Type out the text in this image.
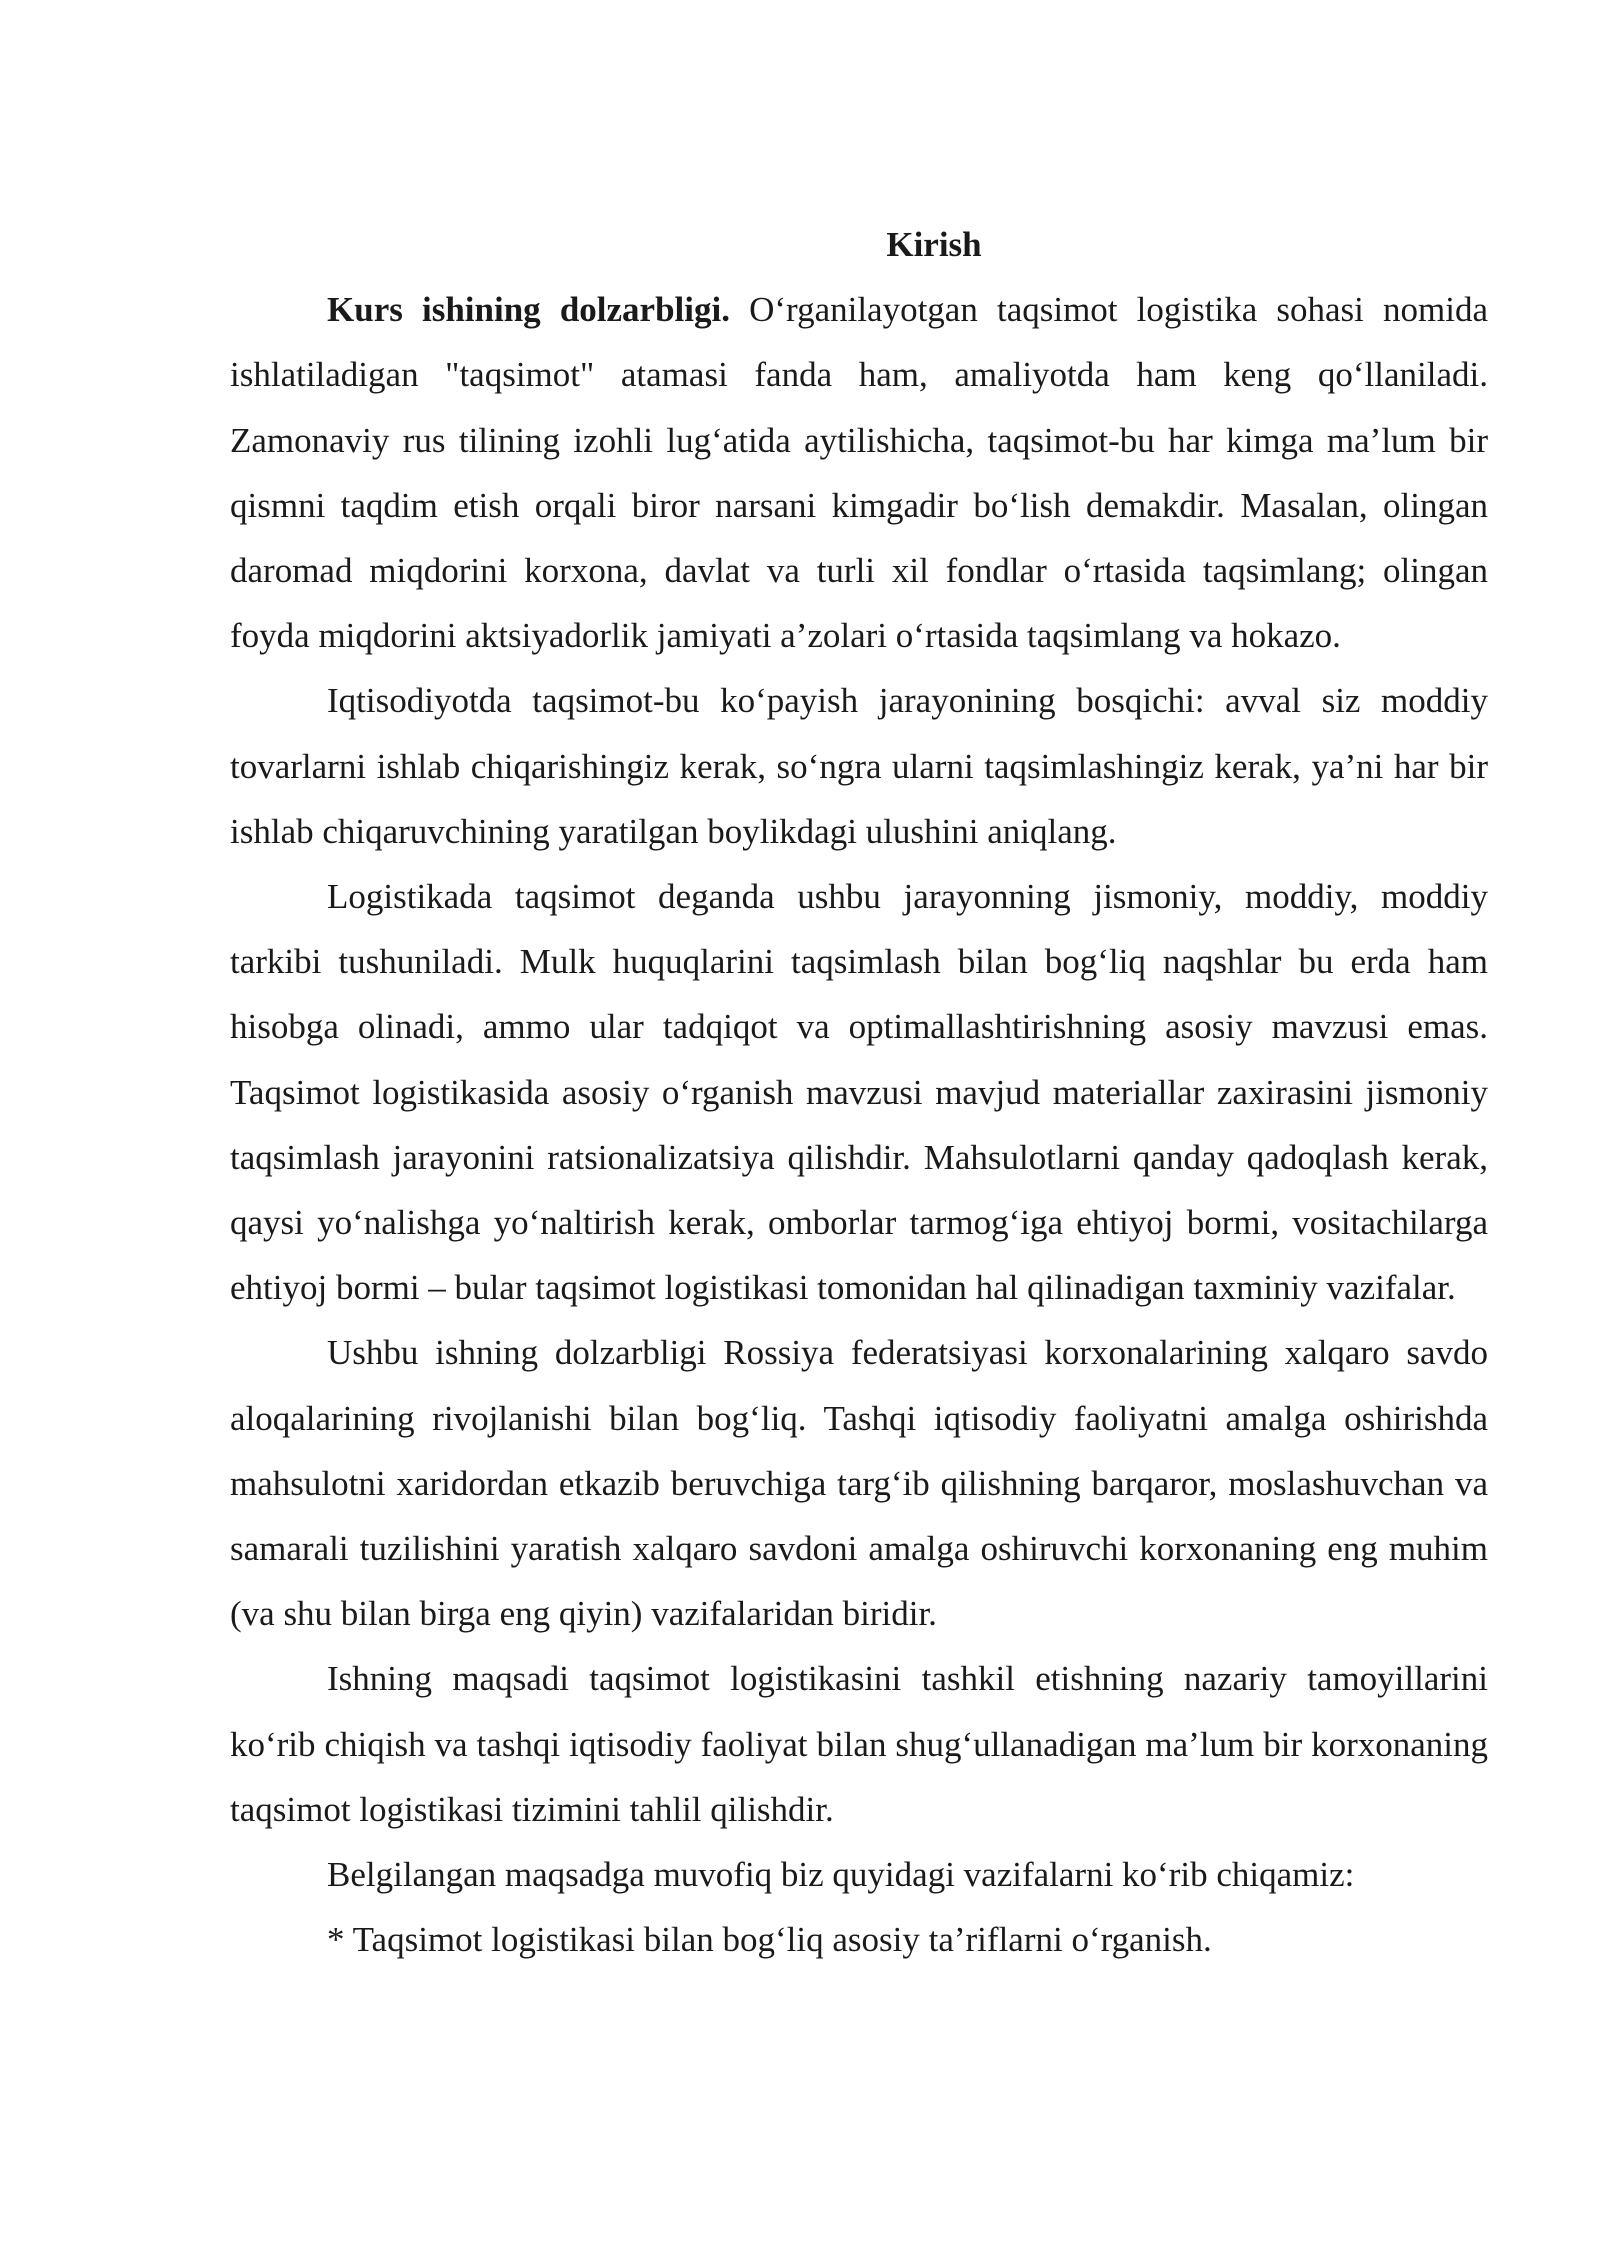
Kirish

Kurs ishining dolzarbligi. O‘rganilayotgan taqsimot logistika sohasi nomida ishlatiladigan "taqsimot" atamasi fanda ham, amaliyotda ham keng qo‘llaniladi. Zamonaviy rus tilining izohli lug‘atida aytilishicha, taqsimot-bu har kimga ma’lum bir qismni taqdim etish orqali biror narsani kimgadir bo‘lish demakdir. Masalan, olingan daromad miqdorini korxona, davlat va turli xil fondlar o‘rtasida taqsimlang; olingan foyda miqdorini aktsiyadorlik jamiyati a’zolari o‘rtasida taqsimlang va hokazo.

Iqtisodiyotda taqsimot-bu ko‘payish jarayonining bosqichi: avval siz moddiy tovarlarni ishlab chiqarishingiz kerak, so‘ngra ularni taqsimlashingiz kerak, ya’ni har bir ishlab chiqaruvchining yaratilgan boylikdagi ulushini aniqlang.

Logistikada taqsimot deganda ushbu jarayonning jismoniy, moddiy, moddiy tarkibi tushuniladi. Mulk huquqlarini taqsimlash bilan bog‘liq naqshlar bu erda ham hisobga olinadi, ammo ular tadqiqot va optimallashtirishning asosiy mavzusi emas. Taqsimot logistikasida asosiy o‘rganish mavzusi mavjud materiallar zaxirasini jismoniy taqsimlash jarayonini ratsionalizatsiya qilishdir. Mahsulotlarni qanday qadoqlash kerak, qaysi yo‘nalishga yo‘naltirish kerak, omborlar tarmog‘iga ehtiyoj bormi, vositachilarga ehtiyoj bormi – bular taqsimot logistikasi tomonidan hal qilinadigan taxminiy vazifalar.

Ushbu ishning dolzarbligi Rossiya federatsiyasi korxonalarining xalqaro savdo aloqalarining rivojlanishi bilan bog‘liq. Tashqi iqtisodiy faoliyatni amalga oshirishda mahsulotni xaridordan etkazib beruvchiga targ‘ib qilishning barqaror, moslashuvchan va samarali tuzilishini yaratish xalqaro savdoni amalga oshiruvchi korxonaning eng muhim (va shu bilan birga eng qiyin) vazifalaridan biridir.

Ishning maqsadi taqsimot logistikasini tashkil etishning nazariy tamoyillarini ko‘rib chiqish va tashqi iqtisodiy faoliyat bilan shug‘ullanadigan ma’lum bir korxonaning taqsimot logistikasi tizimini tahlil qilishdir.

Belgilangan maqsadga muvofiq biz quyidagi vazifalarni ko‘rib chiqamiz:

* Taqsimot logistikasi bilan bog‘liq asosiy ta’riflarni o‘rganish.
